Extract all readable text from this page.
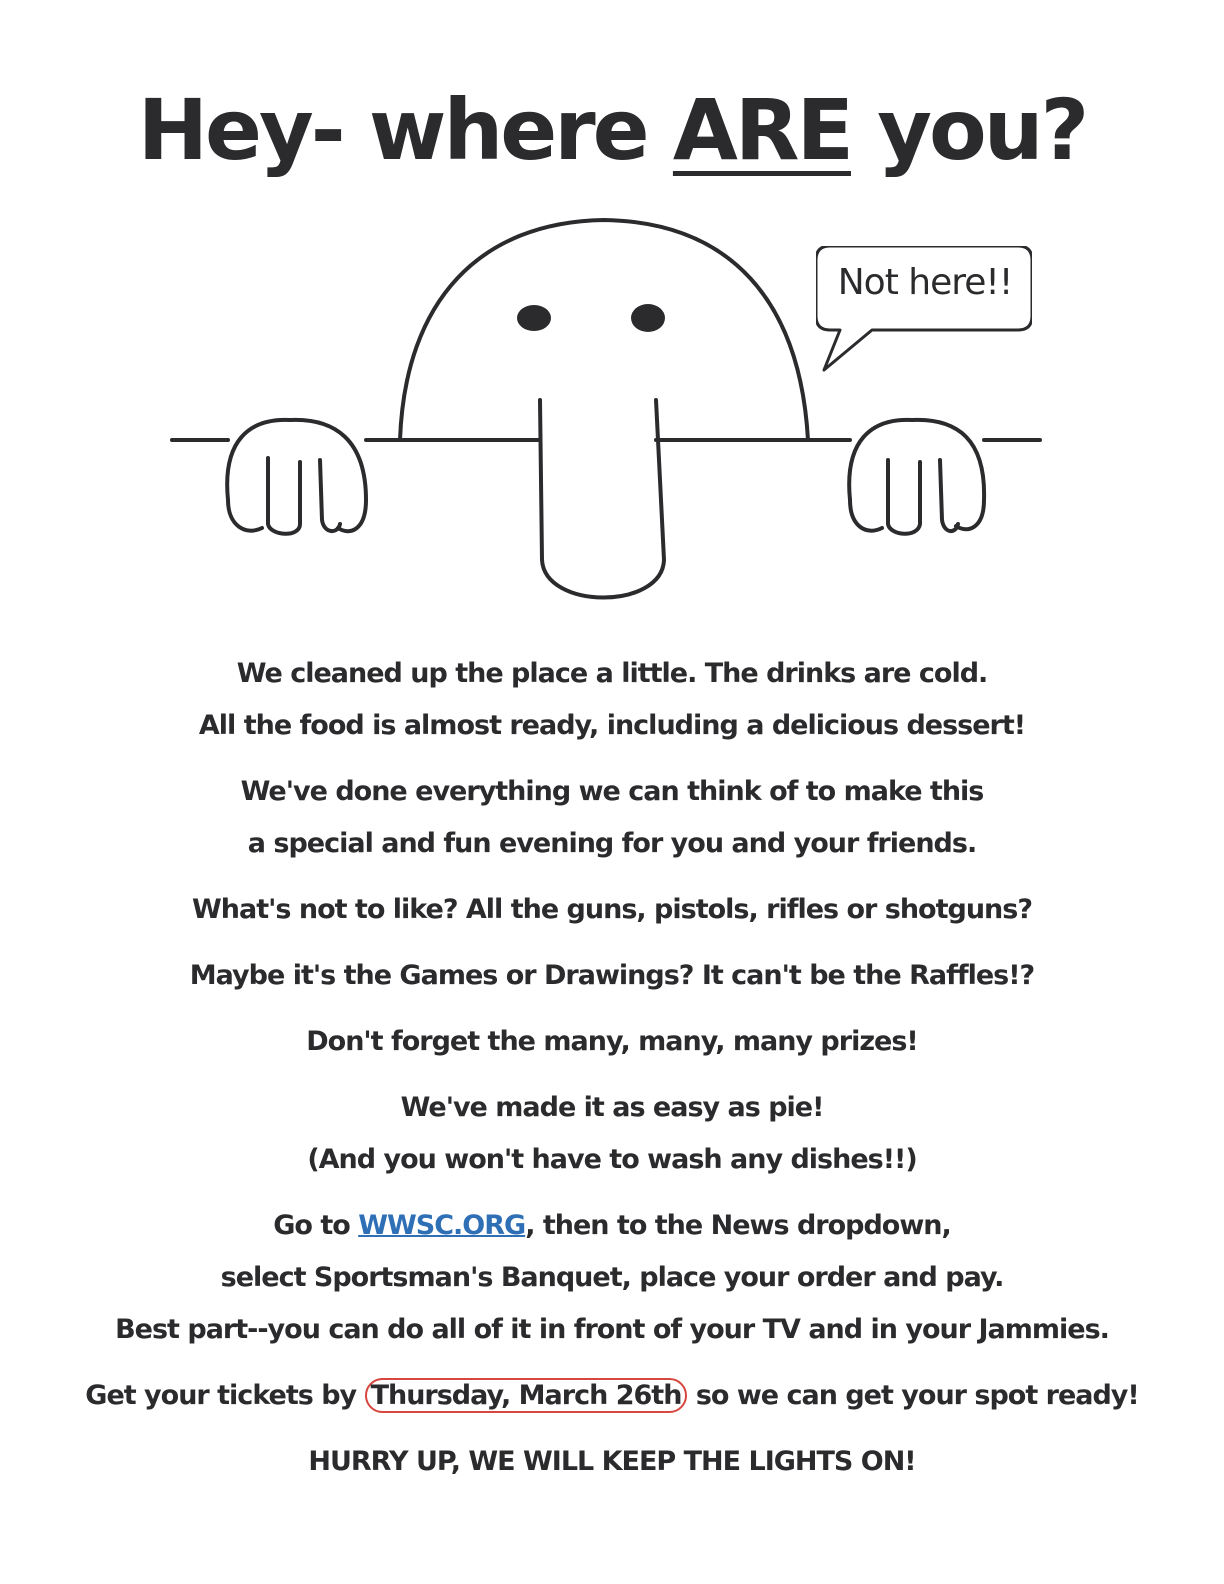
Hey- where ARE you?
Not here!!

We cleaned up the place a little. The drinks are cold.
All the food is almost ready, including a delicious dessert!

We've done everything we can think of to make this
a special and fun evening for you and your friends.

What's not to like? All the guns, pistols, rifles or shotguns?

Maybe it's the Games or Drawings? It can't be the Raffles!?

Don't forget the many, many, many prizes!

We've made it as easy as pie!
(And you won't have to wash any dishes!!)

Go to WWSC.ORG, then to the News dropdown,
select Sportsman's Banquet, place your order and pay.
Best part--you can do all of it in front of your TV and in your Jammies.

Get your tickets by Thursday, March 26th so we can get your spot ready!

HURRY UP, WE WILL KEEP THE LIGHTS ON!
